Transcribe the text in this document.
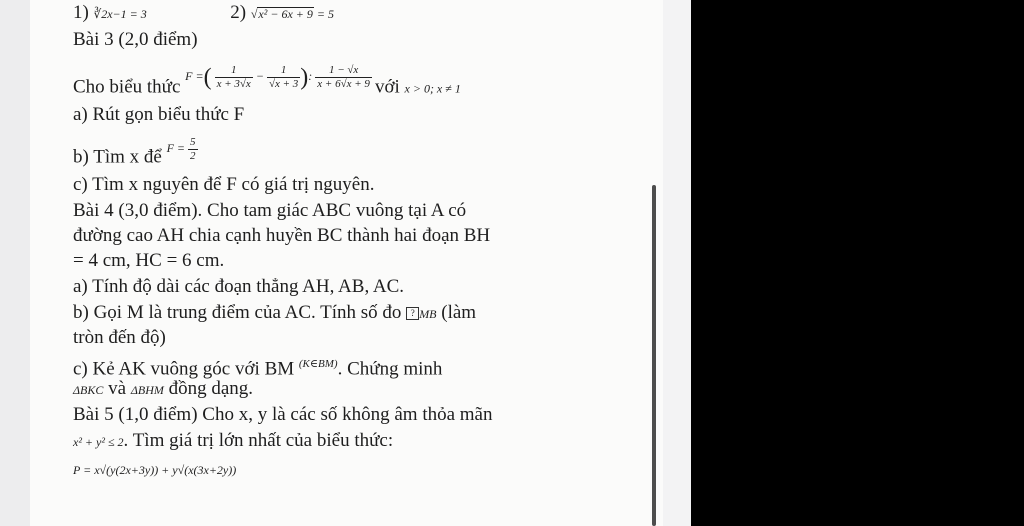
1) ∛2x−1 = 3	2) √x² − 6x + 9 = 5
Bài 3 (2,0 điểm)
Cho biểu thức $^{F =( \frac{1}{x + 3√x} - \frac{1}{√x + 3} ): \frac{1 - √x}{x + 6√x + 9}}$ với x > 0; x ≠ 1
a) Rút gọn biểu thức F
b) Tìm x để $^{F = \frac{5}{2}}$
c) Tìm x nguyên để F có giá trị nguyên.
Bài 4 (3,0 điểm). Cho tam giác ABC vuông tại A có
đường cao AH chia cạnh huyền BC thành hai đoạn BH
= 4 cm, HC = 6 cm.
a) Tính độ dài các đoạn thẳng AH, AB, AC.
b) Gọi M là trung điểm của AC. Tính số đo ? MB (làm
tròn đến độ)
c) Kẻ AK vuông góc với BM $^{(K\in BM)}$. Chứng minh
ΔBKC và ΔBHM đồng dạng.
Bài 5 (1,0 điểm) Cho x, y là các số không âm thỏa mãn
x² + y² ≤ 2. Tìm giá trị lớn nhất của biểu thức:
P = x√(y(2x+3y)) + y√(x(3x+2y))
